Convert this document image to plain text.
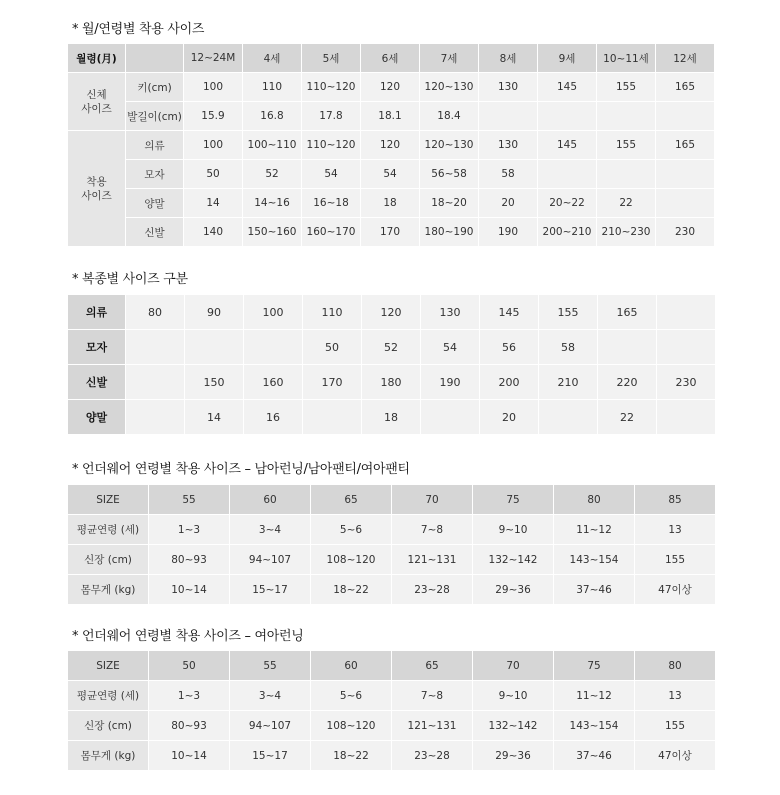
* 월/연령별 착용 사이즈
월령(月)		12~24M	4세	5세	6세	7세	8세	9세	10~11세	12세
신체
사이즈	키(cm)	100	110	110~120	120	120~130	130	145	155	165
	발길이(cm)	15.9	16.8	17.8	18.1	18.4				
착용
사이즈	의류	100	100~110	110~120	120	120~130	130	145	155	165
	모자	50	52	54	54	56~58	58			
	양말	14	14~16	16~18	18	18~20	20	20~22	22	
	신발	140	150~160	160~170	170	180~190	190	200~210	210~230	230
* 복종별 사이즈 구분
의류	80	90	100	110	120	130	145	155	165	
모자				50	52	54	56	58		
신발		150	160	170	180	190	200	210	220	230
양말		14	16		18		20		22	
* 언더웨어 연령별 착용 사이즈 – 남아런닝/남아팬티/여아팬티
SIZE	55	60	65	70	75	80	85
평균연령 (세)	1~3	3~4	5~6	7~8	9~10	11~12	13
신장 (cm)	80~93	94~107	108~120	121~131	132~142	143~154	155
몸무게 (kg)	10~14	15~17	18~22	23~28	29~36	37~46	47이상
* 언더웨어 연령별 착용 사이즈 – 여아런닝
SIZE	50	55	60	65	70	75	80
평균연령 (세)	1~3	3~4	5~6	7~8	9~10	11~12	13
신장 (cm)	80~93	94~107	108~120	121~131	132~142	143~154	155
몸무게 (kg)	10~14	15~17	18~22	23~28	29~36	37~46	47이상
